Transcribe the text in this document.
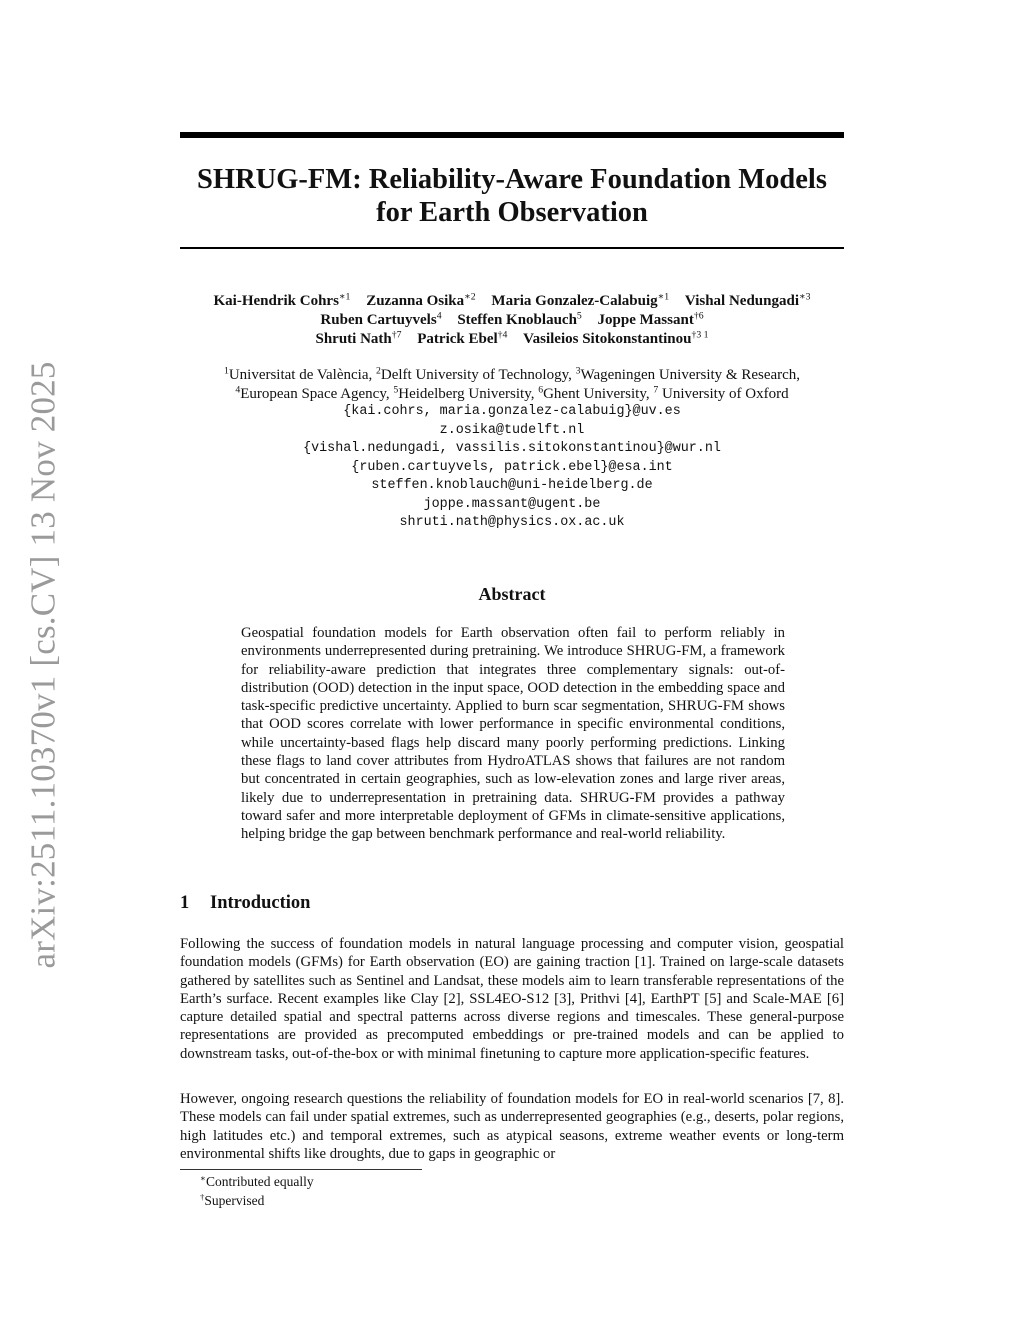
arXiv:2511.10370v1 [cs.CV] 13 Nov 2025
SHRUG-FM: Reliability-Aware Foundation Models
for Earth Observation
Kai-Hendrik Cohrs$^{∗1}$ Zuzanna Osika$^{∗2}$ Maria Gonzalez-Calabuig$^{∗1}$ Vishal Nedungadi$^{∗3}$
Ruben Cartuyvels$^4$ Steffen Knoblauch$^5$ Joppe Massant$^{\dagger 6}$
Shruti Nath$^{\dagger 7}$ Patrick Ebel$^{\dagger 4}$ Vasileios Sitokonstantinou$^{\dagger 3 1}$
$^1$Universitat de València, $^2$Delft University of Technology, $^3$Wageningen University & Research,
$^4$European Space Agency, $^5$Heidelberg University, $^6$Ghent University, $^7$ University of Oxford
{kai.cohrs, maria.gonzalez-calabuig}@uv.es
z.osika@tudelft.nl
{vishal.nedungadi, vassilis.sitokonstantinou}@wur.nl
{ruben.cartuyvels, patrick.ebel}@esa.int
steffen.knoblauch@uni-heidelberg.de
joppe.massant@ugent.be
shruti.nath@physics.ox.ac.uk
Abstract

Geospatial foundation models for Earth observation often fail to perform reliably in environments underrepresented during pretraining. We introduce SHRUG-FM, a framework for reliability-aware prediction that integrates three complementary signals: out-of-distribution (OOD) detection in the input space, OOD detection in the embedding space and task-specific predictive uncertainty. Applied to burn scar segmentation, SHRUG-FM shows that OOD scores correlate with lower performance in specific environmental conditions, while uncertainty-based flags help discard many poorly performing predictions. Linking these flags to land cover attributes from HydroATLAS shows that failures are not random but concentrated in certain geographies, such as low-elevation zones and large river areas, likely due to underrepresentation in pretraining data. SHRUG-FM provides a pathway toward safer and more interpretable deployment of GFMs in climate-sensitive applications, helping bridge the gap between benchmark performance and real-world reliability.

1 Introduction

Following the success of foundation models in natural language processing and computer vision, geospatial foundation models (GFMs) for Earth observation (EO) are gaining traction [1]. Trained on large-scale datasets gathered by satellites such as Sentinel and Landsat, these models aim to learn transferable representations of the Earth’s surface. Recent examples like Clay [2], SSL4EO-S12 [3], Prithvi [4], EarthPT [5] and Scale-MAE [6] capture detailed spatial and spectral patterns across diverse regions and timescales. These general-purpose representations are provided as precomputed embeddings or pre-trained models and can be applied to downstream tasks, out-of-the-box or with minimal finetuning to capture more application-specific features.

However, ongoing research questions the reliability of foundation models for EO in real-world scenarios [7, 8]. These models can fail under spatial extremes, such as underrepresented geographies (e.g., deserts, polar regions, high latitudes etc.) and temporal extremes, such as atypical seasons, extreme weather events or long-term environmental shifts like droughts, due to gaps in geographic or

∗Contributed equally
†Supervised
